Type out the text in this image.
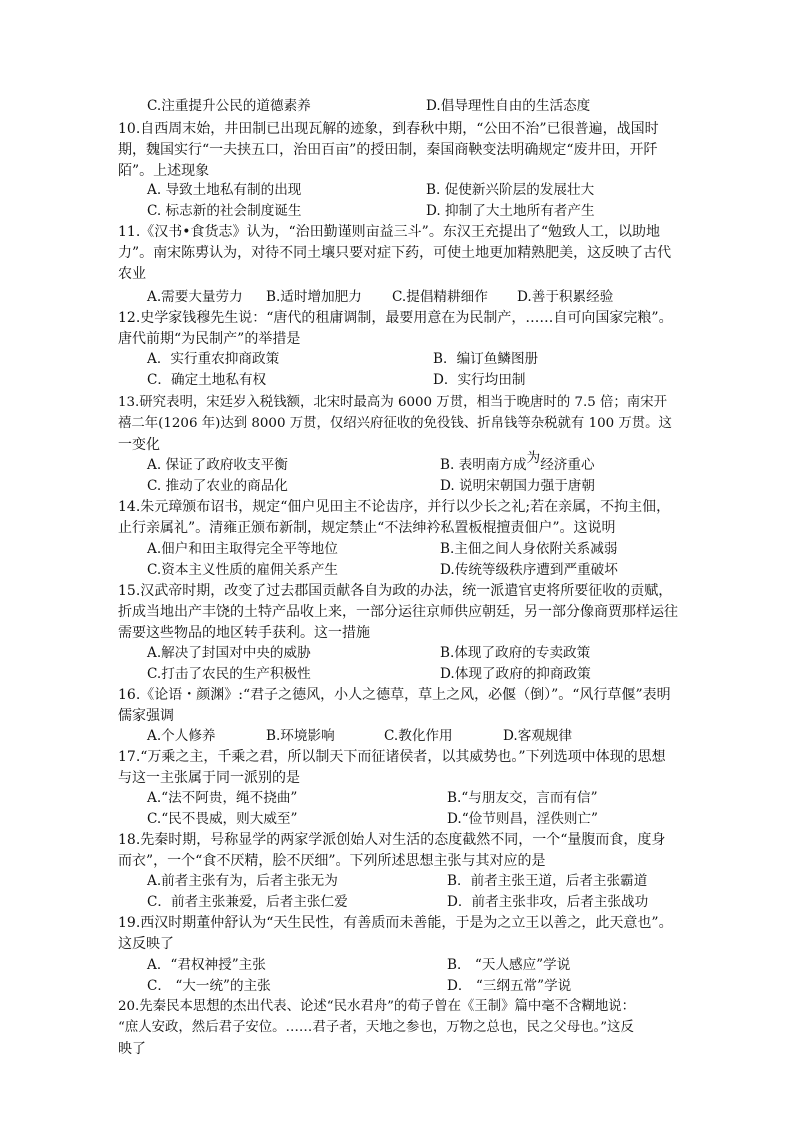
C.注重提升公民的道德素养	D.倡导理性自由的生活态度
10.自西周末始，井田制已出现瓦解的迹象，到春秋中期，“公田不治”已很普遍，战国时
期，魏国实行“一夫挟五口，治田百亩”的授田制，秦国商鞅变法明确规定“废井田，开阡
陌”。上述现象
A. 导致土地私有制的出现	B. 促使新兴阶层的发展壮大
C. 标志新的社会制度诞生	D. 抑制了大土地所有者产生
11.《汉书•食货志》认为，“治田勤谨则亩益三斗”。东汉王充提出了“勉致人工，以助地
力”。南宋陈旉认为，对待不同土壤只要对症下药，可使土地更加精熟肥美，这反映了古代
农业
A.需要大量劳力 B.适时增加肥力 C.提倡精耕细作 D.善于积累经验
12.史学家钱穆先生说：“唐代的租庸调制，最要用意在为民制产，……自可向国家完粮”。
唐代前期“为民制产”的举措是
A．实行重农抑商政策	B．编订鱼鳞图册
C．确定土地私有权	D．实行均田制
13.研究表明，宋廷岁入税钱额，北宋时最高为 6000 万贯，相当于晚唐时的 7.5 倍；南宋开
禧二年(1206 年)达到 8000 万贯，仅绍兴府征收的免役钱、折帛钱等杂税就有 100 万贯。这
一变化
A. 保证了政府收支平衡	B. 表明南方成为经济重心
C. 推动了农业的商品化	D. 说明宋朝国力强于唐朝
14.朱元璋颁布诏书，规定“佃户见田主不论齿序，并行以少长之礼;若在亲属，不拘主佃，
止行亲属礼”。清雍正颁布新制，规定禁止“不法绅衿私置板棍擅责佃户”。这说明
A.佃户和田主取得完全平等地位	B.主佃之间人身依附关系减弱
C.资本主义性质的雇佣关系产生	D.传统等级秩序遭到严重破坏
15.汉武帝时期，改变了过去郡国贡献各自为政的办法，统一派遣官吏将所要征收的贡赋，
折成当地出产丰饶的土特产品收上来，一部分运往京师供应朝廷，另一部分像商贾那样运往
需要这些物品的地区转手获利。这一措施
A.解决了封国对中央的威胁	B.体现了政府的专卖政策
C.打击了农民的生产积极性	D.体现了政府的抑商政策
16.《论语・颜渊》:“君子之德风，小人之德草，草上之风，必偃（倒）”。“风行草偃”表明
儒家强调
A.个人修养	B.环境影响	C.教化作用	D.客观规律
17.“万乘之主，千乘之君，所以制天下而征诸侯者，以其威势也。”下列选项中体现的思想
与这一主张属于同一派别的是
A.“法不阿贵，绳不挠曲”	B.“与朋友交，言而有信”
C.“民不畏威，则大威至”	D.“俭节则昌，淫佚则亡”
18.先秦时期，号称显学的两家学派创始人对生活的态度截然不同，一个“量腹而食，度身
而衣”，一个“食不厌精，脍不厌细”。下列所述思想主张与其对应的是
A.前者主张有为，后者主张无为	B．前者主张王道，后者主张霸道
C．前者主张兼爱，后者主张仁爱	D．前者主张非攻，后者主张战功
19.西汉时期董仲舒认为“天生民性，有善质而未善能，于是为之立王以善之，此天意也”。
这反映了
A．“君权神授”主张	B． “天人感应”学说
C． “大一统”的主张	D． “三纲五常”学说
20.先秦民本思想的杰出代表、论述“民水君舟”的荀子曾在《王制》篇中毫不含糊地说：
“庶人安政，然后君子安位。……君子者，天地之参也，万物之总也，民之父母也。”这反
映了
